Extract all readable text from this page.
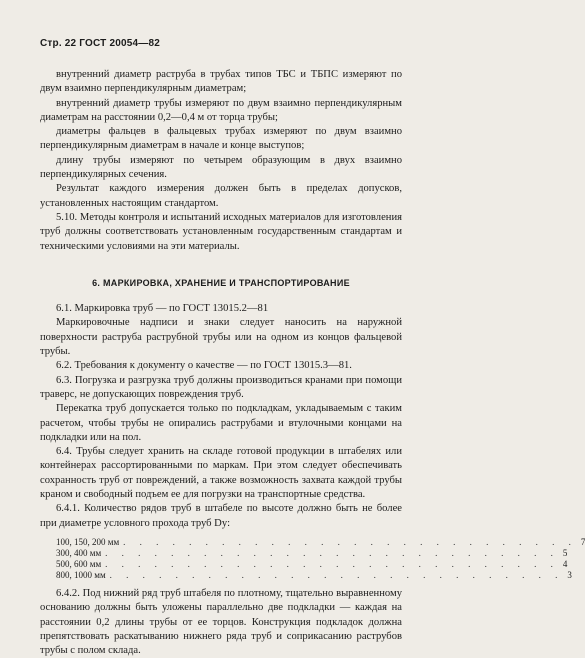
Стр. 22 ГОСТ 20054—82

внутренний диаметр раструба в трубах типов ТБС и ТБПС измеряют по двум взаимно перпендикулярным диаметрам;

внутренний диаметр трубы измеряют по двум взаимно перпендикулярным диаметрам на расстоянии 0,2—0,4 м от торца трубы;

диаметры фальцев в фальцевых трубах измеряют по двум взаимно перпендикулярным диаметрам в начале и конце выступов;

длину трубы измеряют по четырем образующим в двух взаимно перпендикулярных сечения.

Результат каждого измерения должен быть в пределах допусков, установленных настоящим стандартом.

5.10. Методы контроля и испытаний исходных материалов для изготовления труб должны соответствовать установленным государственным стандартам и техническими условиями на эти материалы.

6. МАРКИРОВКА, ХРАНЕНИЕ И ТРАНСПОРТИРОВАНИЕ

6.1. Маркировка труб — по ГОСТ 13015.2—81

Маркировочные надписи и знаки следует наносить на наружной поверхности раструба раструбной трубы или на одном из концов фальцевой трубы.

6.2. Требования к документу о качестве — по ГОСТ 13015.3—81.

6.3. Погрузка и разгрузка труб должны производиться кранами при помощи траверс, не допускающих повреждения труб.

Перекатка труб допускается только по подкладкам, укладываемым с таким расчетом, чтобы трубы не опирались раструбами и втулочными концами на подкладки или на пол.

6.4. Трубы следует хранить на складе готовой продукции в штабелях или контейнерах рассортированными по маркам. При этом следует обеспечивать сохранность труб от повреждений, а также возможность захвата каждой трубы краном и свободный подъем ее для погрузки на транспортные средства.

6.4.1. Количество рядов труб в штабеле по высоте должно быть не более при диаметре условного прохода труб Dy:

100, 150, 200 мм . . . . . . . . . . . . . . . . . . . . . . . . . . . . 7
300, 400 мм . . . . . . . . . . . . . . . . . . . . . . . . . . . . 5
500, 600 мм . . . . . . . . . . . . . . . . . . . . . . . . . . . . 4
800, 1000 мм . . . . . . . . . . . . . . . . . . . . . . . . . . . . 3

6.4.2. Под нижний ряд труб штабеля по плотному, тщательно выравненному основанию должны быть уложены параллельно две подкладки — каждая на расстоянии 0,2 длины трубы от ее торцов. Конструкция подкладок должна препятствовать раскатыванию нижнего ряда труб и соприкасанию раструбов трубы с полом склада.
